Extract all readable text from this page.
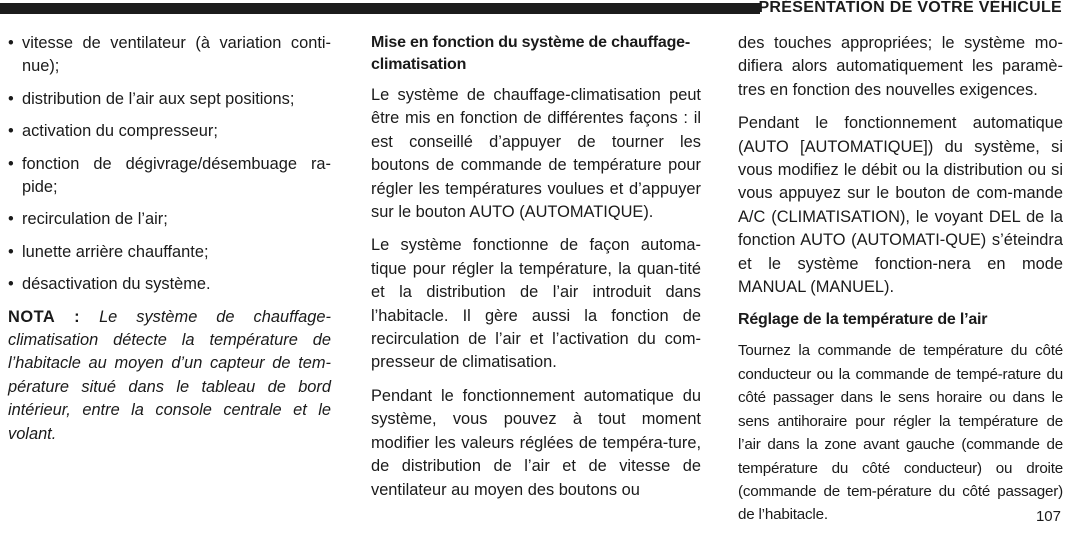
PRÉSENTATION DE VOTRE VÉHICULE
• vitesse de ventilateur (à variation conti-nue);
• distribution de l’air aux sept positions;
• activation du compresseur;
• fonction de dégivrage/désembuage ra-pide;
• recirculation de l’air;
• lunette arrière chauffante;
• désactivation du système.
NOTA : Le système de chauffage-climatisation détecte la température de l’habitacle au moyen d’un capteur de tem-pérature situé dans le tableau de bord intérieur, entre la console centrale et le volant.
Mise en fonction du système de chauffage-climatisation

Le système de chauffage-climatisation peut être mis en fonction de différentes façons : il est conseillé d’appuyer de tourner les boutons de commande de température pour régler les températures voulues et d’appuyer sur le bouton AUTO (AUTOMATIQUE).

Le système fonctionne de façon automa-tique pour régler la température, la quan-tité et la distribution de l’air introduit dans l’habitacle. Il gère aussi la fonction de recirculation de l’air et l’activation du com-presseur de climatisation.

Pendant le fonctionnement automatique du système, vous pouvez à tout moment modifier les valeurs réglées de tempéra-ture, de distribution de l’air et de vitesse de ventilateur au moyen des boutons ou

des touches appropriées; le système mo-difiera alors automatiquement les paramè-tres en fonction des nouvelles exigences.

Pendant le fonctionnement automatique (AUTO [AUTOMATIQUE]) du système, si vous modifiez le débit ou la distribution ou si vous appuyez sur le bouton de com-mande A/C (CLIMATISATION), le voyant DEL de la fonction AUTO (AUTOMATI-QUE) s’éteindra et le système fonction-nera en mode MANUAL (MANUEL).

Réglage de la température de l’air

Tournez la commande de température du côté conducteur ou la commande de tempé-rature du côté passager dans le sens horaire ou dans le sens antihoraire pour régler la température de l’air dans la zone avant gauche (commande de température du côté conducteur) ou droite (commande de tem-pérature du côté passager) de l’habitacle.	107
